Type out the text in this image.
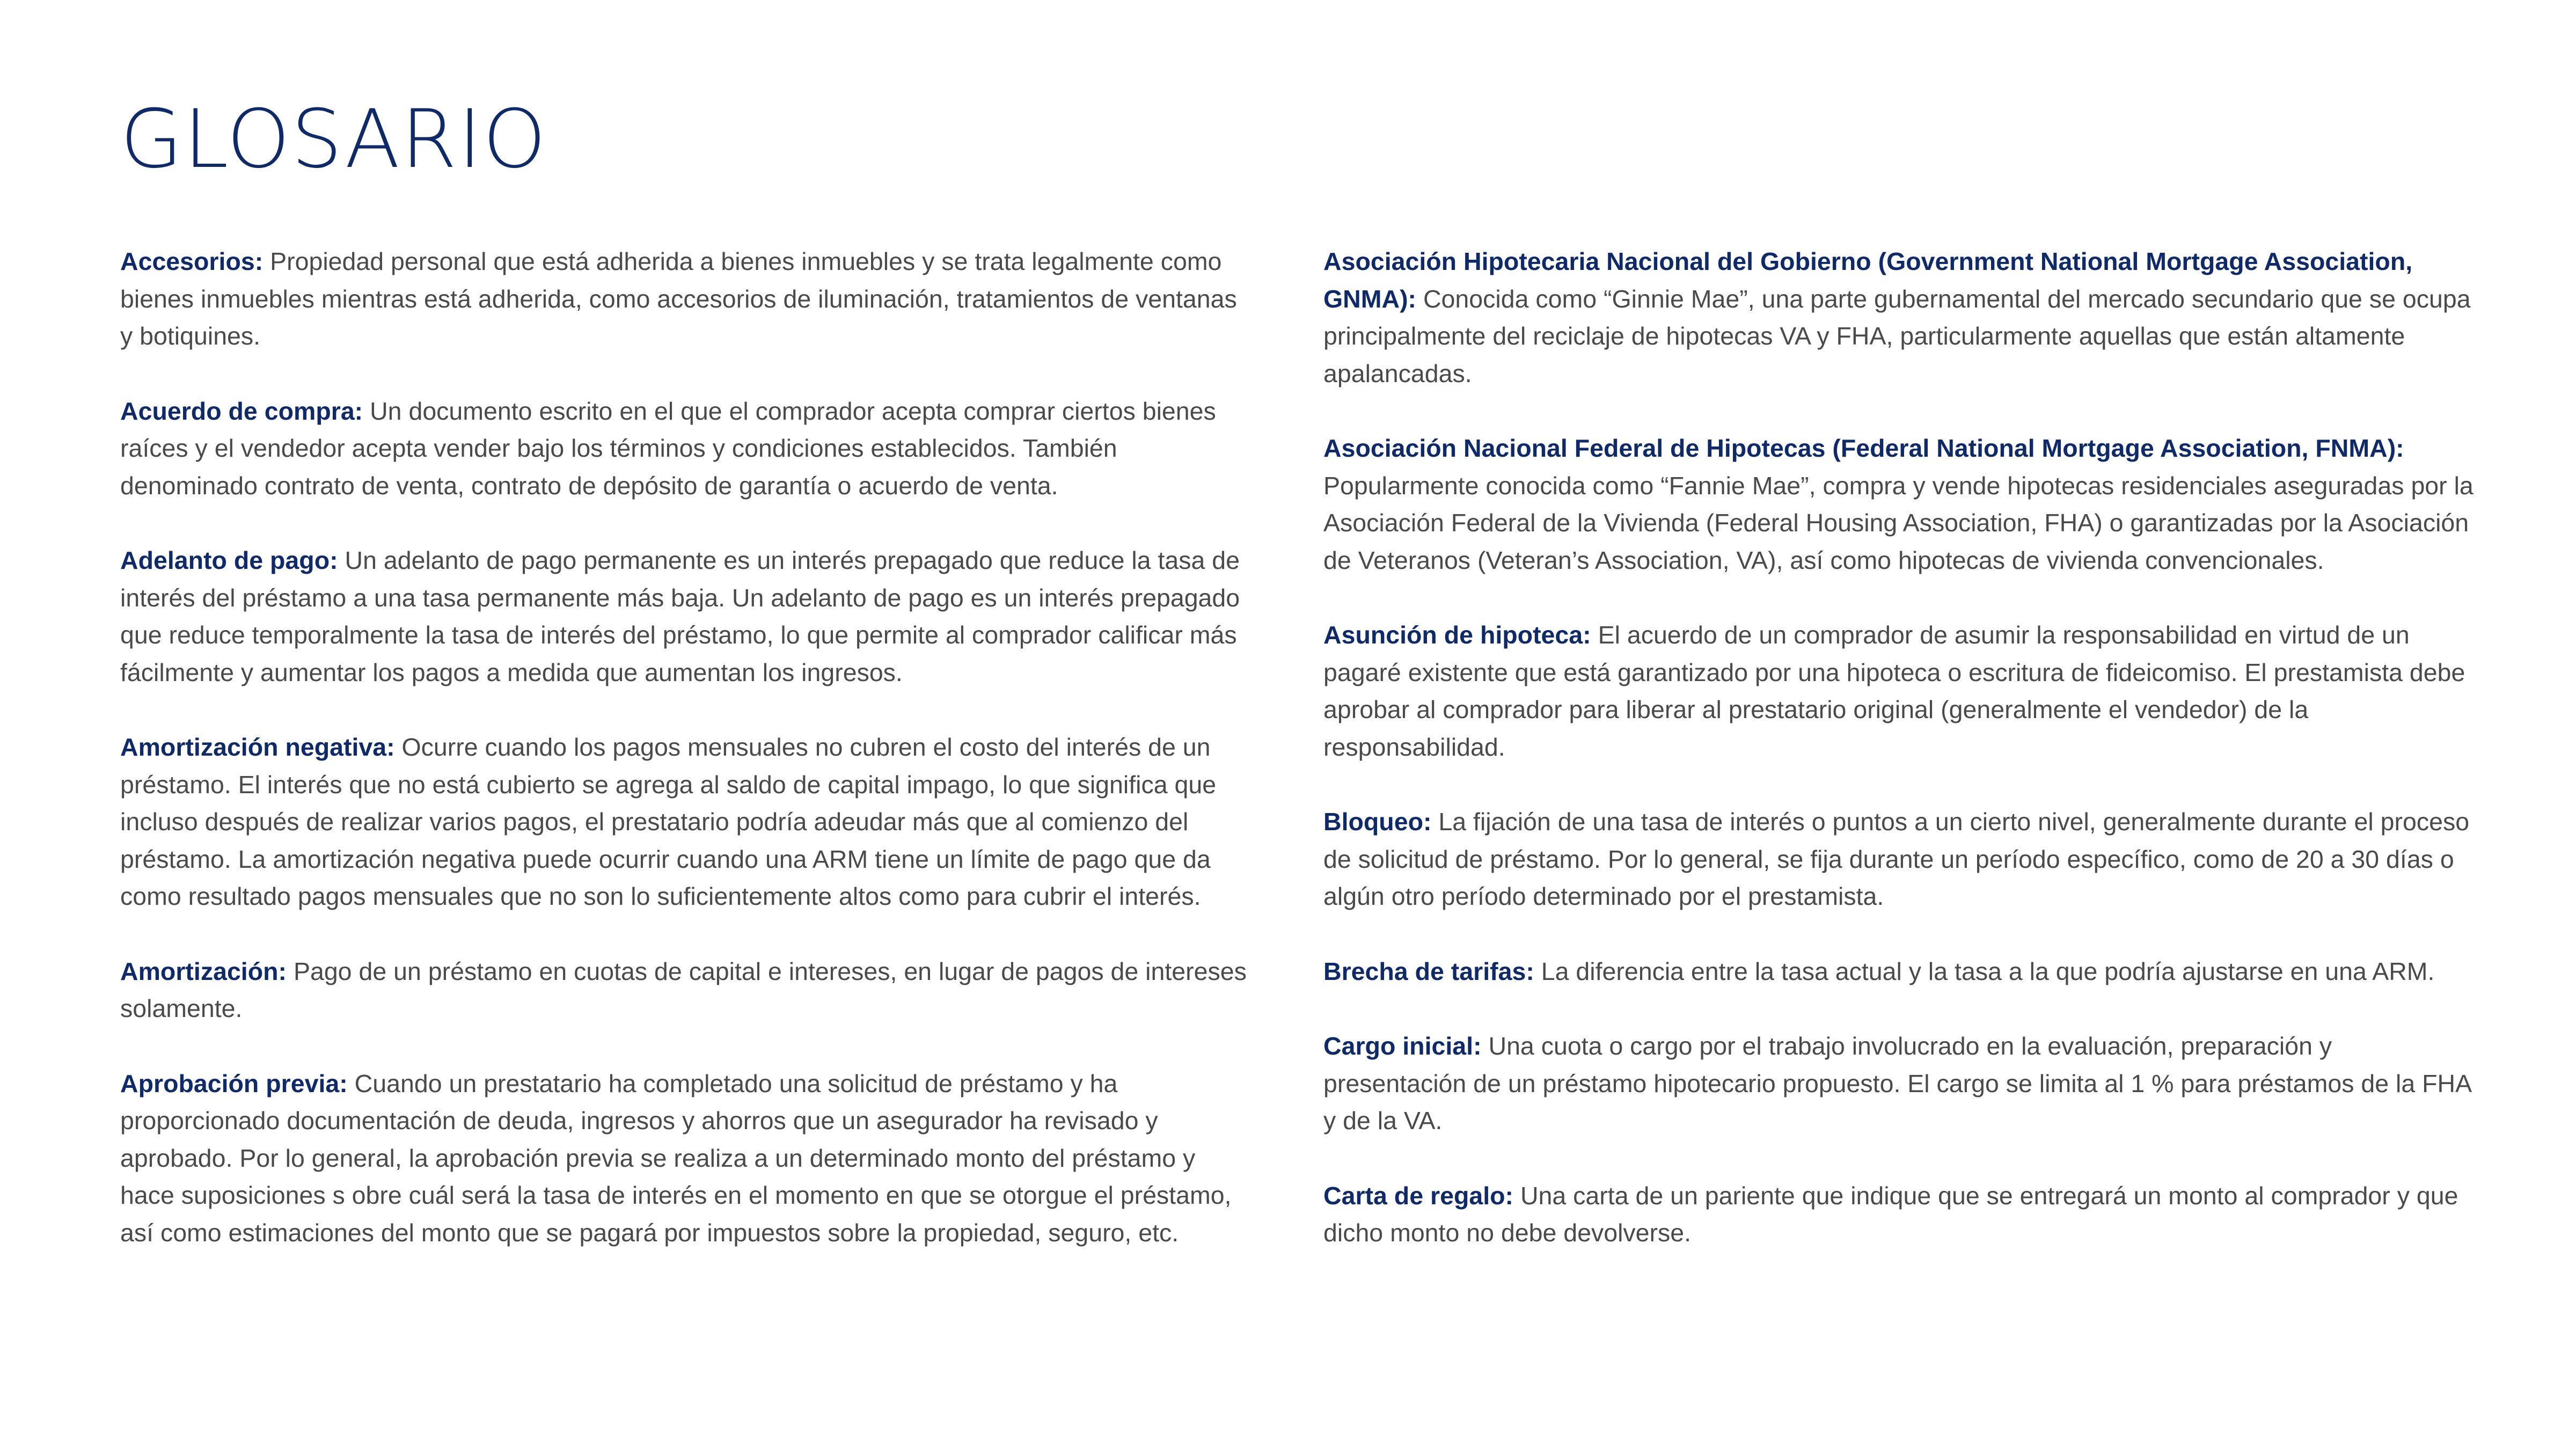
GLOSARIO

Accesorios: Propiedad personal que está adherida a bienes inmuebles y se trata legalmente como bienes inmuebles mientras está adherida, como accesorios de iluminación, tratamientos de ventanas y botiquines.

Acuerdo de compra: Un documento escrito en el que el comprador acepta comprar ciertos bienes raíces y el vendedor acepta vender bajo los términos y condiciones establecidos. También denominado contrato de venta, contrato de depósito de garantía o acuerdo de venta.

Adelanto de pago: Un adelanto de pago permanente es un interés prepagado que reduce la tasa de interés del préstamo a una tasa permanente más baja. Un adelanto de pago es un interés prepagado que reduce temporalmente la tasa de interés del préstamo, lo que permite al comprador calificar más fácilmente y aumentar los pagos a medida que aumentan los ingresos.

Amortización negativa: Ocurre cuando los pagos mensuales no cubren el costo del interés de un préstamo. El interés que no está cubierto se agrega al saldo de capital impago, lo que significa que incluso después de realizar varios pagos, el prestatario podría adeudar más que al comienzo del préstamo. La amortización negativa puede ocurrir cuando una ARM tiene un límite de pago que da como resultado pagos mensuales que no son lo suficientemente altos como para cubrir el interés.

Amortización: Pago de un préstamo en cuotas de capital e intereses, en lugar de pagos de intereses solamente.

Aprobación previa: Cuando un prestatario ha completado una solicitud de préstamo y ha proporcionado documentación de deuda, ingresos y ahorros que un asegurador ha revisado y aprobado. Por lo general, la aprobación previa se realiza a un determinado monto del préstamo y hace suposiciones s obre cuál será la tasa de interés en el momento en que se otorgue el préstamo, así como estimaciones del monto que se pagará por impuestos sobre la propiedad, seguro, etc.

Asociación Hipotecaria Nacional del Gobierno (Government National Mortgage Association, GNMA): Conocida como “Ginnie Mae”, una parte gubernamental del mercado secundario que se ocupa principalmente del reciclaje de hipotecas VA y FHA, particularmente aquellas que están altamente apalancadas.

Asociación Nacional Federal de Hipotecas (Federal National Mortgage Association, FNMA): Popularmente conocida como “Fannie Mae”, compra y vende hipotecas residenciales aseguradas por la Asociación Federal de la Vivienda (Federal Housing Association, FHA) o garantizadas por la Asociación de Veteranos (Veteran’s Association, VA), así como hipotecas de vivienda convencionales.

Asunción de hipoteca: El acuerdo de un comprador de asumir la responsabilidad en virtud de un pagaré existente que está garantizado por una hipoteca o escritura de fideicomiso. El prestamista debe aprobar al comprador para liberar al prestatario original (generalmente el vendedor) de la responsabilidad.

Bloqueo: La fijación de una tasa de interés o puntos a un cierto nivel, generalmente durante el proceso de solicitud de préstamo. Por lo general, se fija durante un período específico, como de 20 a 30 días o algún otro período determinado por el prestamista.

Brecha de tarifas: La diferencia entre la tasa actual y la tasa a la que podría ajustarse en una ARM.

Cargo inicial: Una cuota o cargo por el trabajo involucrado en la evaluación, preparación y presentación de un préstamo hipotecario propuesto. El cargo se limita al 1 % para préstamos de la FHA y de la VA.

Carta de regalo: Una carta de un pariente que indique que se entregará un monto al comprador y que dicho monto no debe devolverse.
